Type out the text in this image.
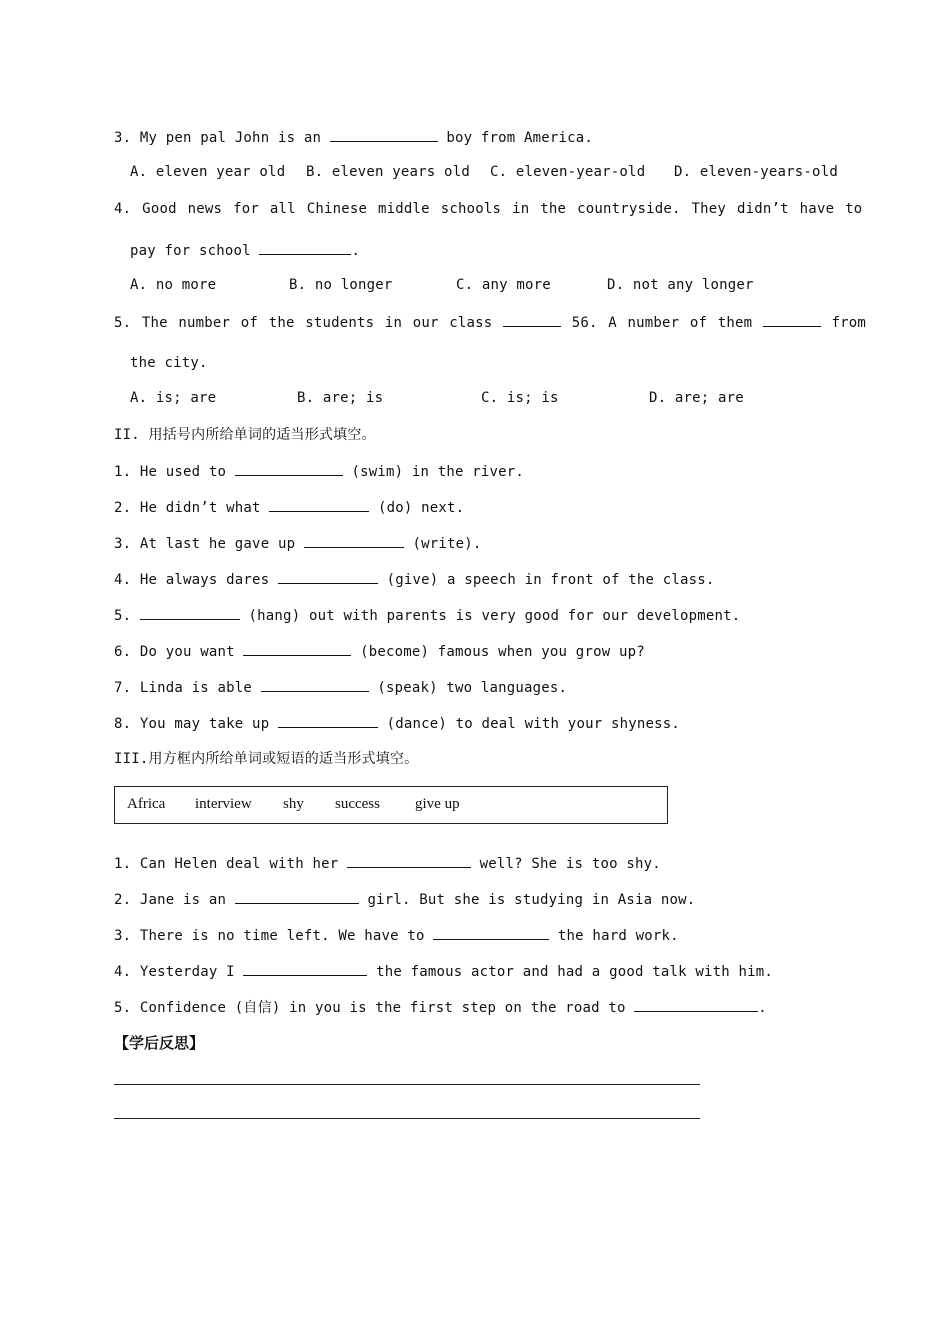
3. My pen pal John is an	boy from America.
A. eleven year old B. eleven years old C. eleven-year-old D. eleven-years-old
4. Good news for all Chinese middle schools in the countryside. They didn’t have to
pay for school	.
A. no more	B. no longer	C. any more	D. not any longer
5. The number of the students in our class	56. A number of them	from
the city.
A. is; are	B. are; is	C. is; is	D. are; are
II. 用括号内所给单词的适当形式填空。
1. He used to	(swim) in the river.
2. He didn’t what	(do) next.
3. At last he gave up	(write).
4. He always dares	(give) a speech in front of the class.
5.	(hang) out with parents is very good for our development.
6. Do you want	(become) famous when you grow up?
7. Linda is able	(speak) two languages.
8. You may take up	(dance) to deal with your shyness.
III.用方框内所给单词或短语的适当形式填空。
Africa interview shy success give up
1. Can Helen deal with her	well? She is too shy.
2. Jane is an	girl. But she is studying in Asia now.
3. There is no time left. We have to	the hard work.
4. Yesterday I	the famous actor and had a good talk with him.
5. Confidence (自信) in you is the first step on the road to	.
【学后反思】
